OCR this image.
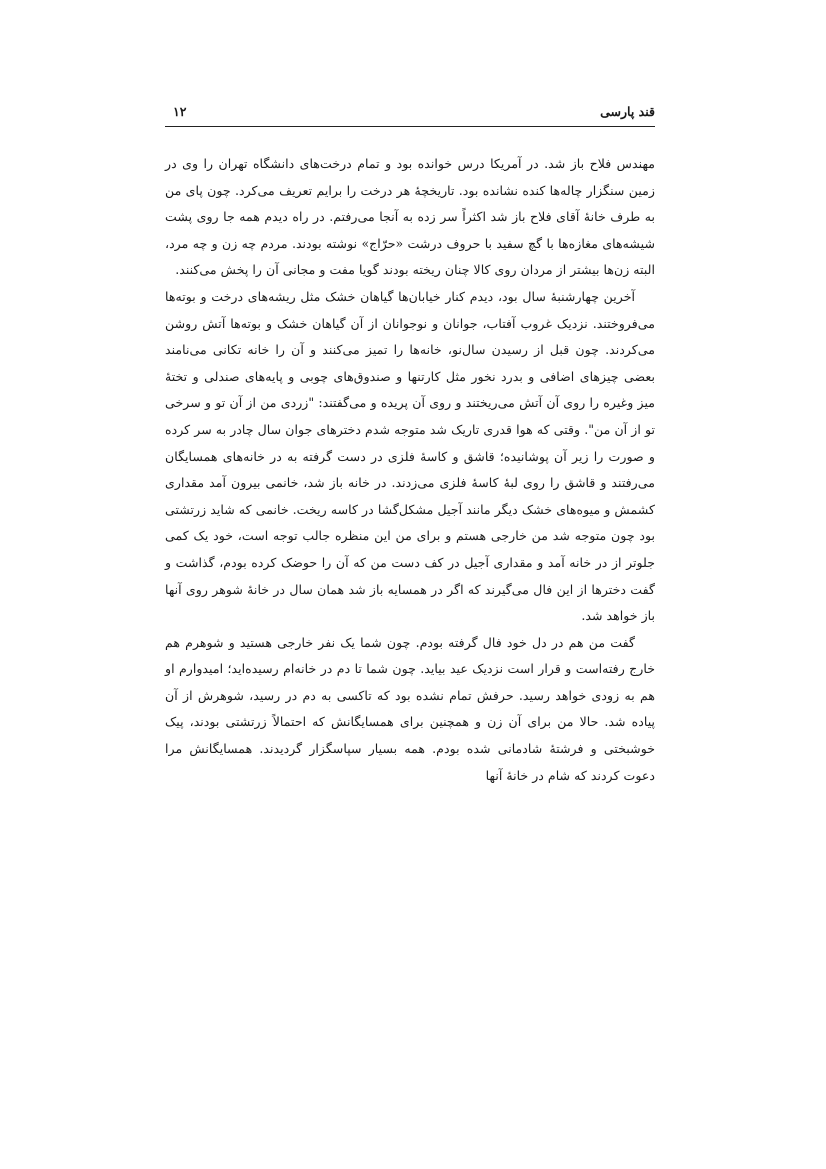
قند پارسی
۱۲

مهندس فلاح باز شد. در آمریکا درس خوانده بود و تمام درخت‌های دانشگاه تهران را وی در زمین سنگزار چاله‌ها کنده نشانده بود. تاریخچهٔ هر درخت را برایم تعریف می‌کرد. چون پای من به طرف خانهٔ آقای فلاح باز شد اکثراً سر زده به آنجا می‌رفتم. در راه دیدم همه جا روی پشت شیشه‌های مغازه‌ها با گچ سفید با حروف درشت «حرّاج» نوشته بودند. مردم چه زن و چه مرد، البته زن‌ها بیشتر از مردان روی کالا چنان ریخته بودند گویا مفت و مجانی آن را پخش می‌کنند.

آخرین چهارشنبهٔ سال بود، دیدم کنار خیابان‌ها گیاهان خشک مثل ریشه‌های درخت و بوته‌ها می‌فروختند. نزدیک غروب آفتاب، جوانان و نوجوانان از آن گیاهان خشک و بوته‌ها آتش روشن می‌کردند. چون قبل از رسیدن سال‌نو، خانه‌ها را تمیز می‌کنند و آن را خانه تکانی می‌نامند بعضی چیزهای اضافی و بدرد نخور مثل کارتنها و صندوق‌های چوبی و پایه‌های صندلی و تختهٔ میز وغیره را روی آن آتش می‌ریختند و روی آن پریده و می‌گفتند: "زردی من از آن تو و سرخی تو از آن من". وقتی که هوا قدری تاریک شد متوجه شدم دخترهای جوان سال چادر به سر کرده و صورت را زیر آن پوشانیده؛ قاشق و کاسهٔ فلزی در دست گرفته به در خانه‌های همسایگان می‌رفتند و قاشق را روی لبهٔ کاسهٔ فلزی می‌زدند. در خانه باز شد، خانمی بیرون آمد مقداری کشمش و میوه‌های خشک دیگر مانند آجیل مشکل‌گشا در کاسه ریخت. خانمی که شاید زرتشتی بود چون متوجه شد من خارجی هستم و برای من این منظره جالب توجه است، خود یک کمی جلوتر از در خانه آمد و مقداری آجیل در کف دست من که آن را حوضک کرده بودم، گذاشت و گفت دخترها از این فال می‌گیرند که اگر در همسایه باز شد همان سال در خانهٔ شوهر روی آنها باز خواهد شد.

گفت من هم در دل خود فال گرفته بودم. چون شما یک نفر خارجی هستید و شوهرم هم خارج رفته‌است و قرار است نزدیک عید بیاید. چون شما تا دم در خانه‌ام رسیده‌اید؛ امیدوارم او هم به زودی خواهد رسید. حرفش تمام نشده بود که تاکسی به دم در رسید، شوهرش از آن پیاده شد. حالا من برای آن زن و همچنین برای همسایگانش که احتمالاً زرتشتی بودند، پیک خوشبختی و فرشتهٔ شادمانی شده بودم. همه بسیار سپاسگزار گردیدند. همسایگانش مرا دعوت کردند که شام در خانهٔ آنها
